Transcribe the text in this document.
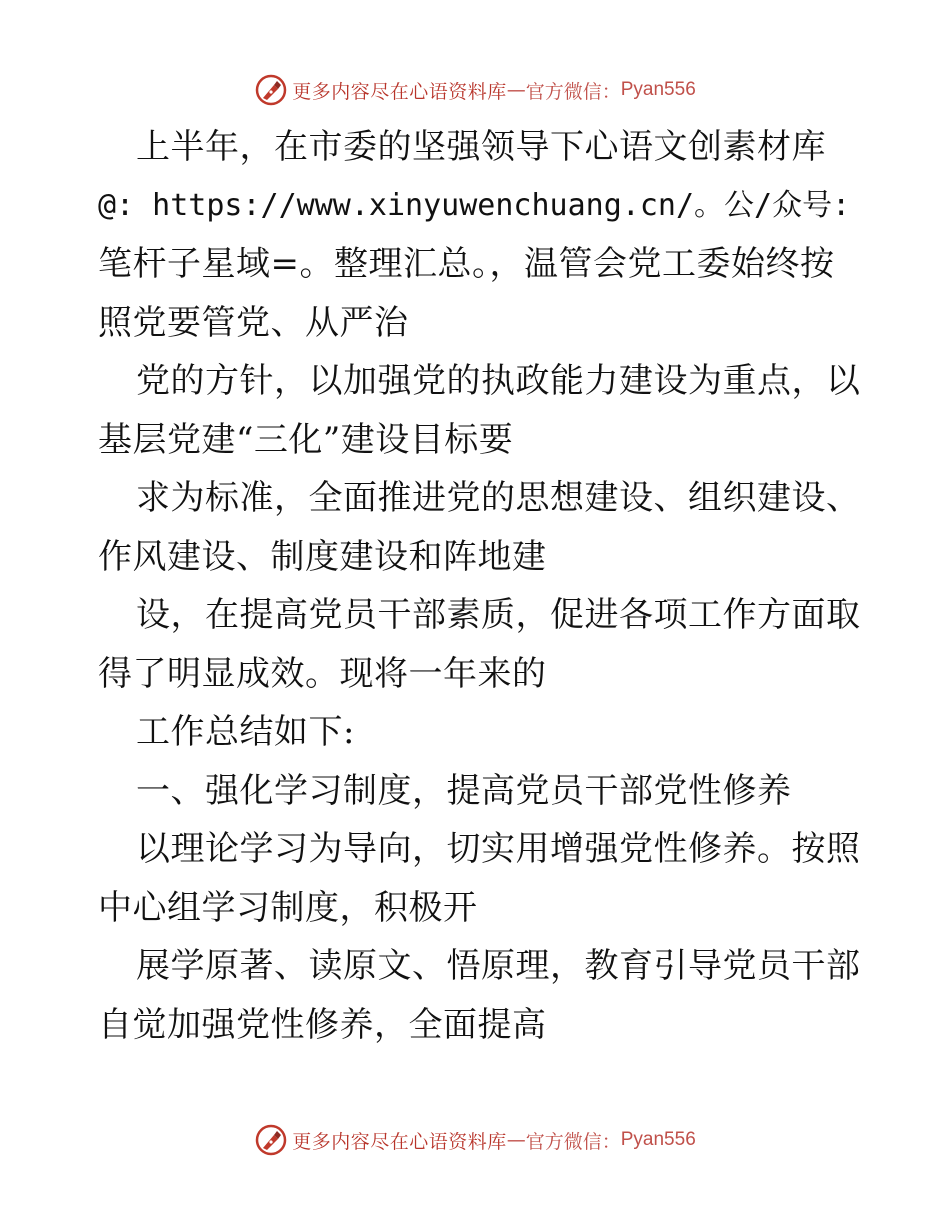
更多内容尽在心语资料库 — 官方微信： Pyan556
上半年，在市委的坚强领导下心语文创素材库
@: https://www.xinyuwenchuang.cn/。公/众号:
笔杆子星域=。整理汇总。，温管会党工委始终按
照党要管党、从严治
党的方针，以加强党的执政能力建设为重点，以
基层党建“三化”建设目标要
求为标准，全面推进党的思想建设、组织建设、
作风建设、制度建设和阵地建
设，在提高党员干部素质，促进各项工作方面取
得了明显成效。现将一年来的
工作总结如下:
一、强化学习制度，提高党员干部党性修养
以理论学习为导向，切实用增强党性修养。按照
中心组学习制度，积极开
展学原著、读原文、悟原理，教育引导党员干部
自觉加强党性修养，全面提高
更多内容尽在心语资料库 — 官方微信： Pyan556
